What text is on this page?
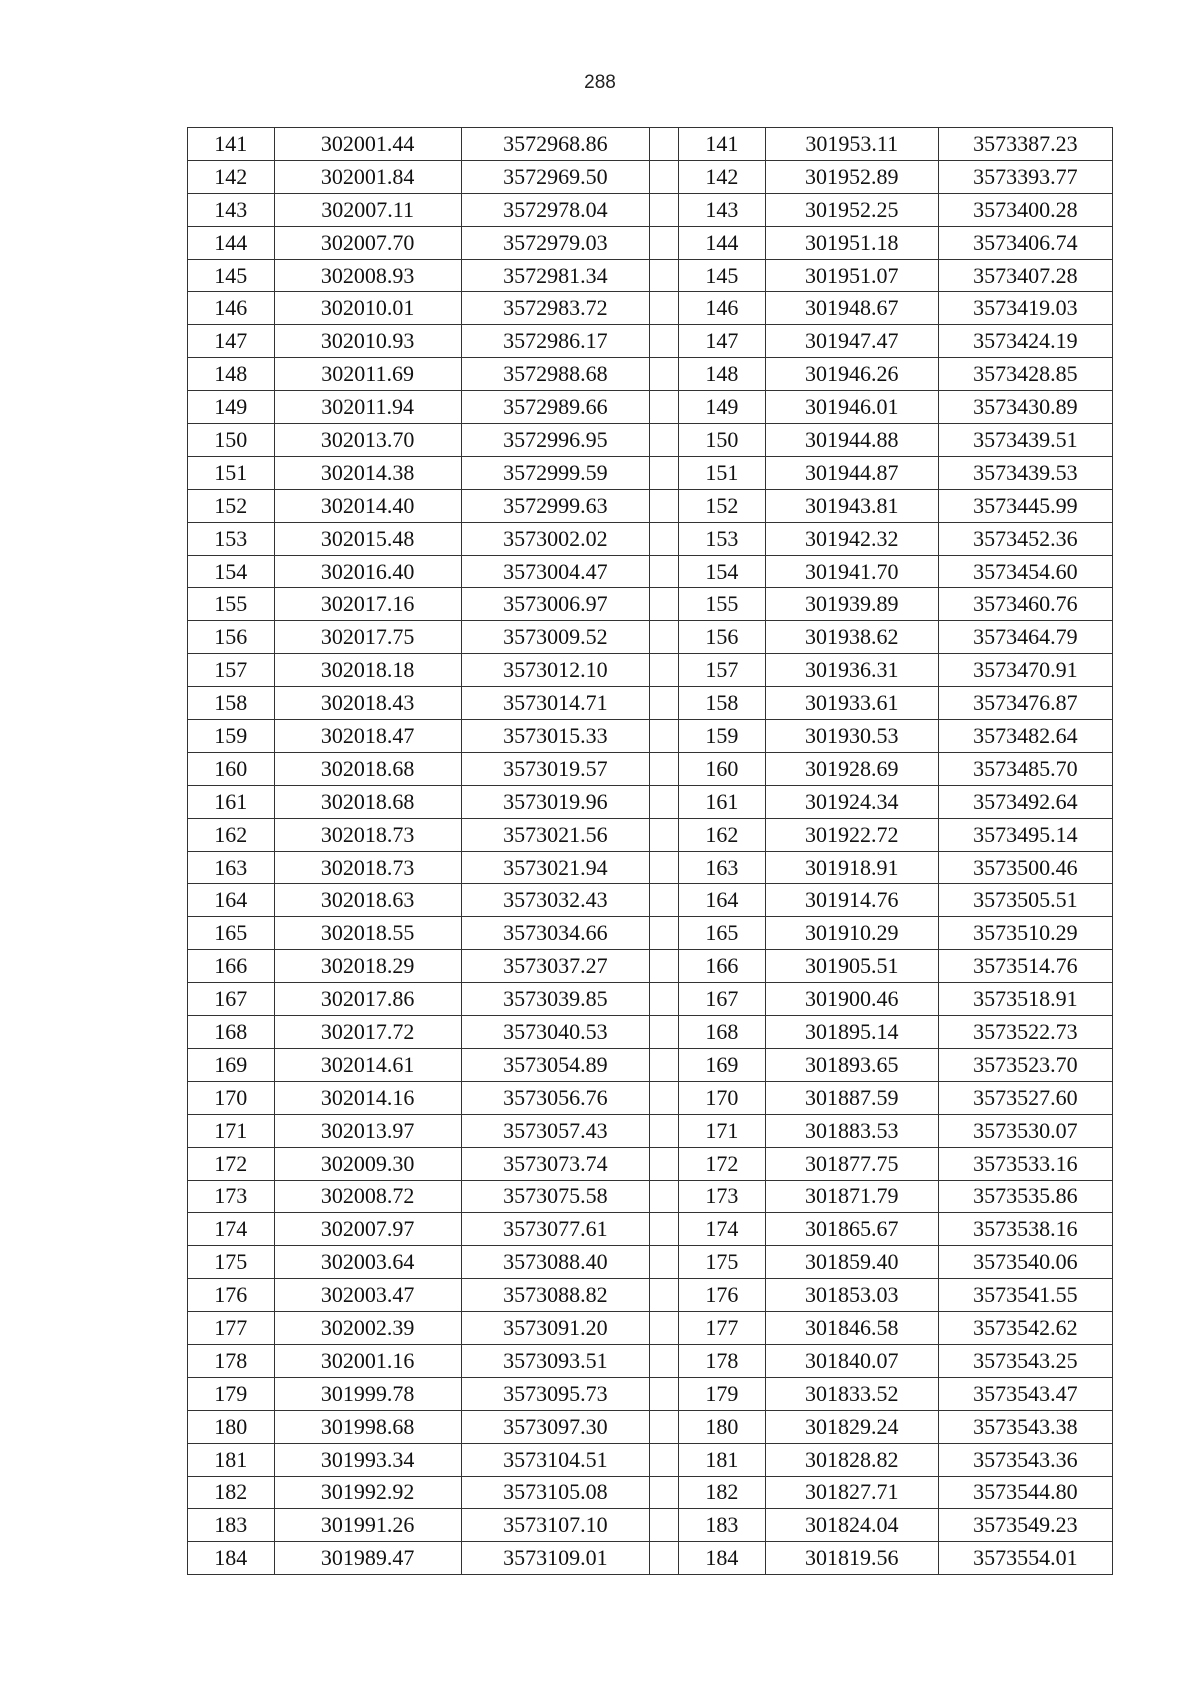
288
141	302001.44	3572968.86		141	301953.11	3573387.23
142	302001.84	3572969.50		142	301952.89	3573393.77
143	302007.11	3572978.04		143	301952.25	3573400.28
144	302007.70	3572979.03		144	301951.18	3573406.74
145	302008.93	3572981.34		145	301951.07	3573407.28
146	302010.01	3572983.72		146	301948.67	3573419.03
147	302010.93	3572986.17		147	301947.47	3573424.19
148	302011.69	3572988.68		148	301946.26	3573428.85
149	302011.94	3572989.66		149	301946.01	3573430.89
150	302013.70	3572996.95		150	301944.88	3573439.51
151	302014.38	3572999.59		151	301944.87	3573439.53
152	302014.40	3572999.63		152	301943.81	3573445.99
153	302015.48	3573002.02		153	301942.32	3573452.36
154	302016.40	3573004.47		154	301941.70	3573454.60
155	302017.16	3573006.97		155	301939.89	3573460.76
156	302017.75	3573009.52		156	301938.62	3573464.79
157	302018.18	3573012.10		157	301936.31	3573470.91
158	302018.43	3573014.71		158	301933.61	3573476.87
159	302018.47	3573015.33		159	301930.53	3573482.64
160	302018.68	3573019.57		160	301928.69	3573485.70
161	302018.68	3573019.96		161	301924.34	3573492.64
162	302018.73	3573021.56		162	301922.72	3573495.14
163	302018.73	3573021.94		163	301918.91	3573500.46
164	302018.63	3573032.43		164	301914.76	3573505.51
165	302018.55	3573034.66		165	301910.29	3573510.29
166	302018.29	3573037.27		166	301905.51	3573514.76
167	302017.86	3573039.85		167	301900.46	3573518.91
168	302017.72	3573040.53		168	301895.14	3573522.73
169	302014.61	3573054.89		169	301893.65	3573523.70
170	302014.16	3573056.76		170	301887.59	3573527.60
171	302013.97	3573057.43		171	301883.53	3573530.07
172	302009.30	3573073.74		172	301877.75	3573533.16
173	302008.72	3573075.58		173	301871.79	3573535.86
174	302007.97	3573077.61		174	301865.67	3573538.16
175	302003.64	3573088.40		175	301859.40	3573540.06
176	302003.47	3573088.82		176	301853.03	3573541.55
177	302002.39	3573091.20		177	301846.58	3573542.62
178	302001.16	3573093.51		178	301840.07	3573543.25
179	301999.78	3573095.73		179	301833.52	3573543.47
180	301998.68	3573097.30		180	301829.24	3573543.38
181	301993.34	3573104.51		181	301828.82	3573543.36
182	301992.92	3573105.08		182	301827.71	3573544.80
183	301991.26	3573107.10		183	301824.04	3573549.23
184	301989.47	3573109.01		184	301819.56	3573554.01
